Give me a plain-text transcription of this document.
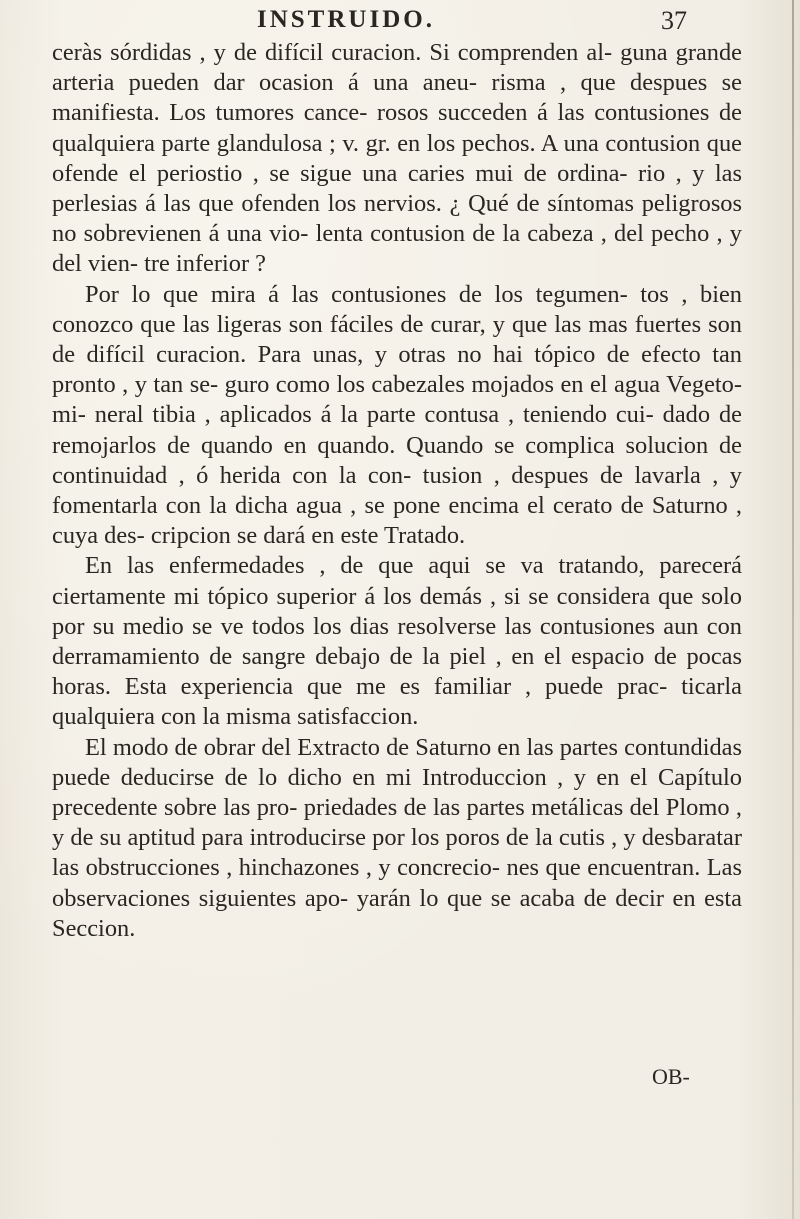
INSTRUIDO.	37

ceràs sórdidas , y de difícil curacion. Si comprenden al- guna grande arteria pueden dar ocasion á una aneu- risma , que despues se manifiesta. Los tumores cance- rosos succeden á las contusiones de qualquiera parte glandulosa ; v. gr. en los pechos. A una contusion que ofende el periostio , se sigue una caries mui de ordina- rio , y las perlesias á las que ofenden los nervios. ¿ Qué de síntomas peligrosos no sobrevienen á una vio- lenta contusion de la cabeza , del pecho , y del vien- tre inferior ?

Por lo que mira á las contusiones de los tegumen- tos , bien conozco que las ligeras son fáciles de curar, y que las mas fuertes son de difícil curacion. Para unas, y otras no hai tópico de efecto tan pronto , y tan se- guro como los cabezales mojados en el agua Vegeto-mi- neral tibia , aplicados á la parte contusa , teniendo cui- dado de remojarlos de quando en quando. Quando se complica solucion de continuidad , ó herida con la con- tusion , despues de lavarla , y fomentarla con la dicha agua , se pone encima el cerato de Saturno , cuya des- cripcion se dará en este Tratado.

En las enfermedades , de que aqui se va tratando, parecerá ciertamente mi tópico superior á los demás , si se considera que solo por su medio se ve todos los dias resolverse las contusiones aun con derramamiento de sangre debajo de la piel , en el espacio de pocas horas. Esta experiencia que me es familiar , puede prac- ticarla qualquiera con la misma satisfaccion.

El modo de obrar del Extracto de Saturno en las partes contundidas puede deducirse de lo dicho en mi Introduccion , y en el Capítulo precedente sobre las pro- priedades de las partes metálicas del Plomo , y de su aptitud para introducirse por los poros de la cutis , y desbaratar las obstrucciones , hinchazones , y concrecio- nes que encuentran. Las observaciones siguientes apo- yarán lo que se acaba de decir en esta Seccion.

OB-
